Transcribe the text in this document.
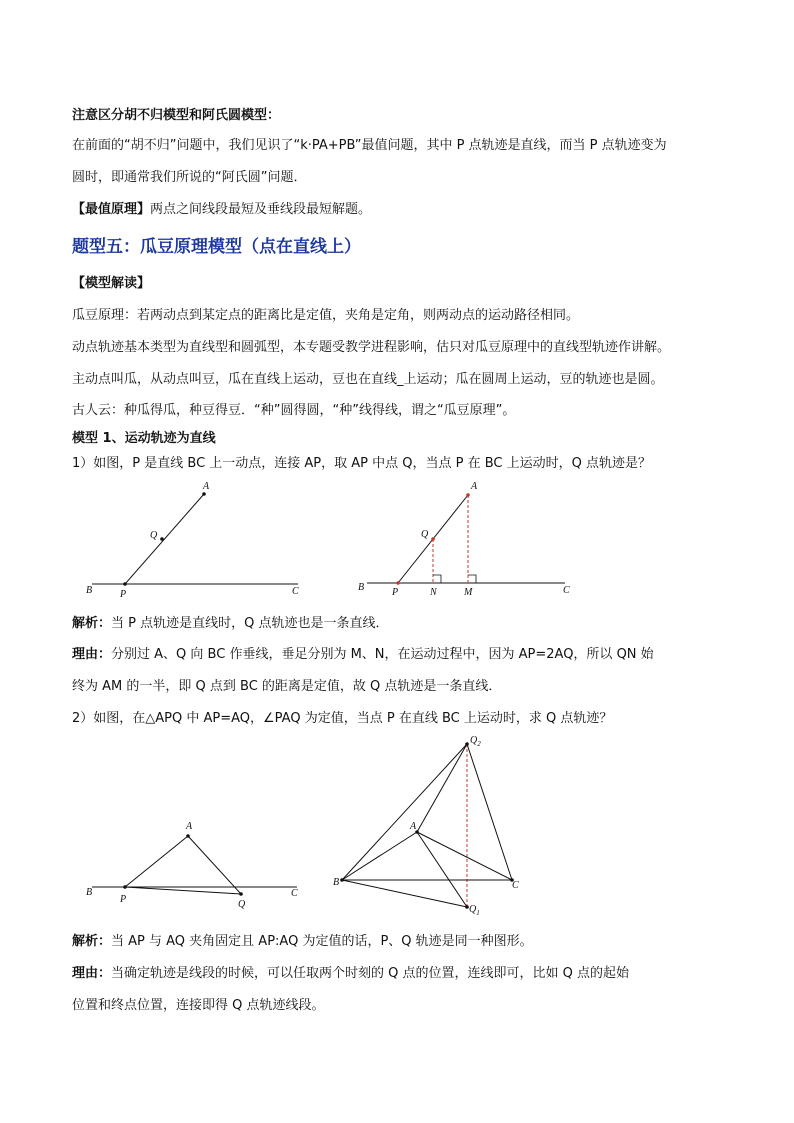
注意区分胡不归模型和阿氏圆模型：
在前面的“胡不归”问题中，我们见识了“k·PA+PB”最值问题，其中 P 点轨迹是直线，而当 P 点轨迹变为
圆时，即通常我们所说的“阿氏圆”问题．
【最值原理】两点之间线段最短及垂线段最短解题。
题型五：瓜豆原理模型（点在直线上）
【模型解读】
瓜豆原理：若两动点到某定点的距离比是定值，夹角是定角，则两动点的运动路径相同。
动点轨迹基本类型为直线型和圆弧型，本专题受教学进程影响，估只对瓜豆原理中的直线型轨迹作讲解。
主动点叫瓜，从动点叫豆，瓜在直线上运动，豆也在直线_上运动；瓜在圆周上运动，豆的轨迹也是圆。
古人云：种瓜得瓜，种豆得豆．“种”圆得圆，“种”线得线，谓之“瓜豆原理”。
模型 1、运动轨迹为直线
1）如图，P 是直线 BC 上一动点，连接 AP，取 AP 中点 Q，当点 P 在 BC 上运动时，Q 点轨迹是？
A
Q
B	P	C
A
Q
B	P	N	M	C
解析：当 P 点轨迹是直线时，Q 点轨迹也是一条直线．
理由：分别过 A、Q 向 BC 作垂线，垂足分别为 M、N，在运动过程中，因为 AP=2AQ，所以 QN 始
终为 AM 的一半，即 Q 点到 BC 的距离是定值，故 Q 点轨迹是一条直线．
2）如图，在△APQ 中 AP=AQ，∠PAQ 为定值，当点 P 在直线 BC 上运动时，求 Q 点轨迹？
A
B
P	Q
C
$Q_2$
A
B	C
$Q_1$
解析：当 AP 与 AQ 夹角固定且 AP:AQ 为定值的话，P、Q 轨迹是同一种图形。
理由：当确定轨迹是线段的时候，可以任取两个时刻的 Q 点的位置，连线即可，比如 Q 点的起始
位置和终点位置，连接即得 Q 点轨迹线段。
